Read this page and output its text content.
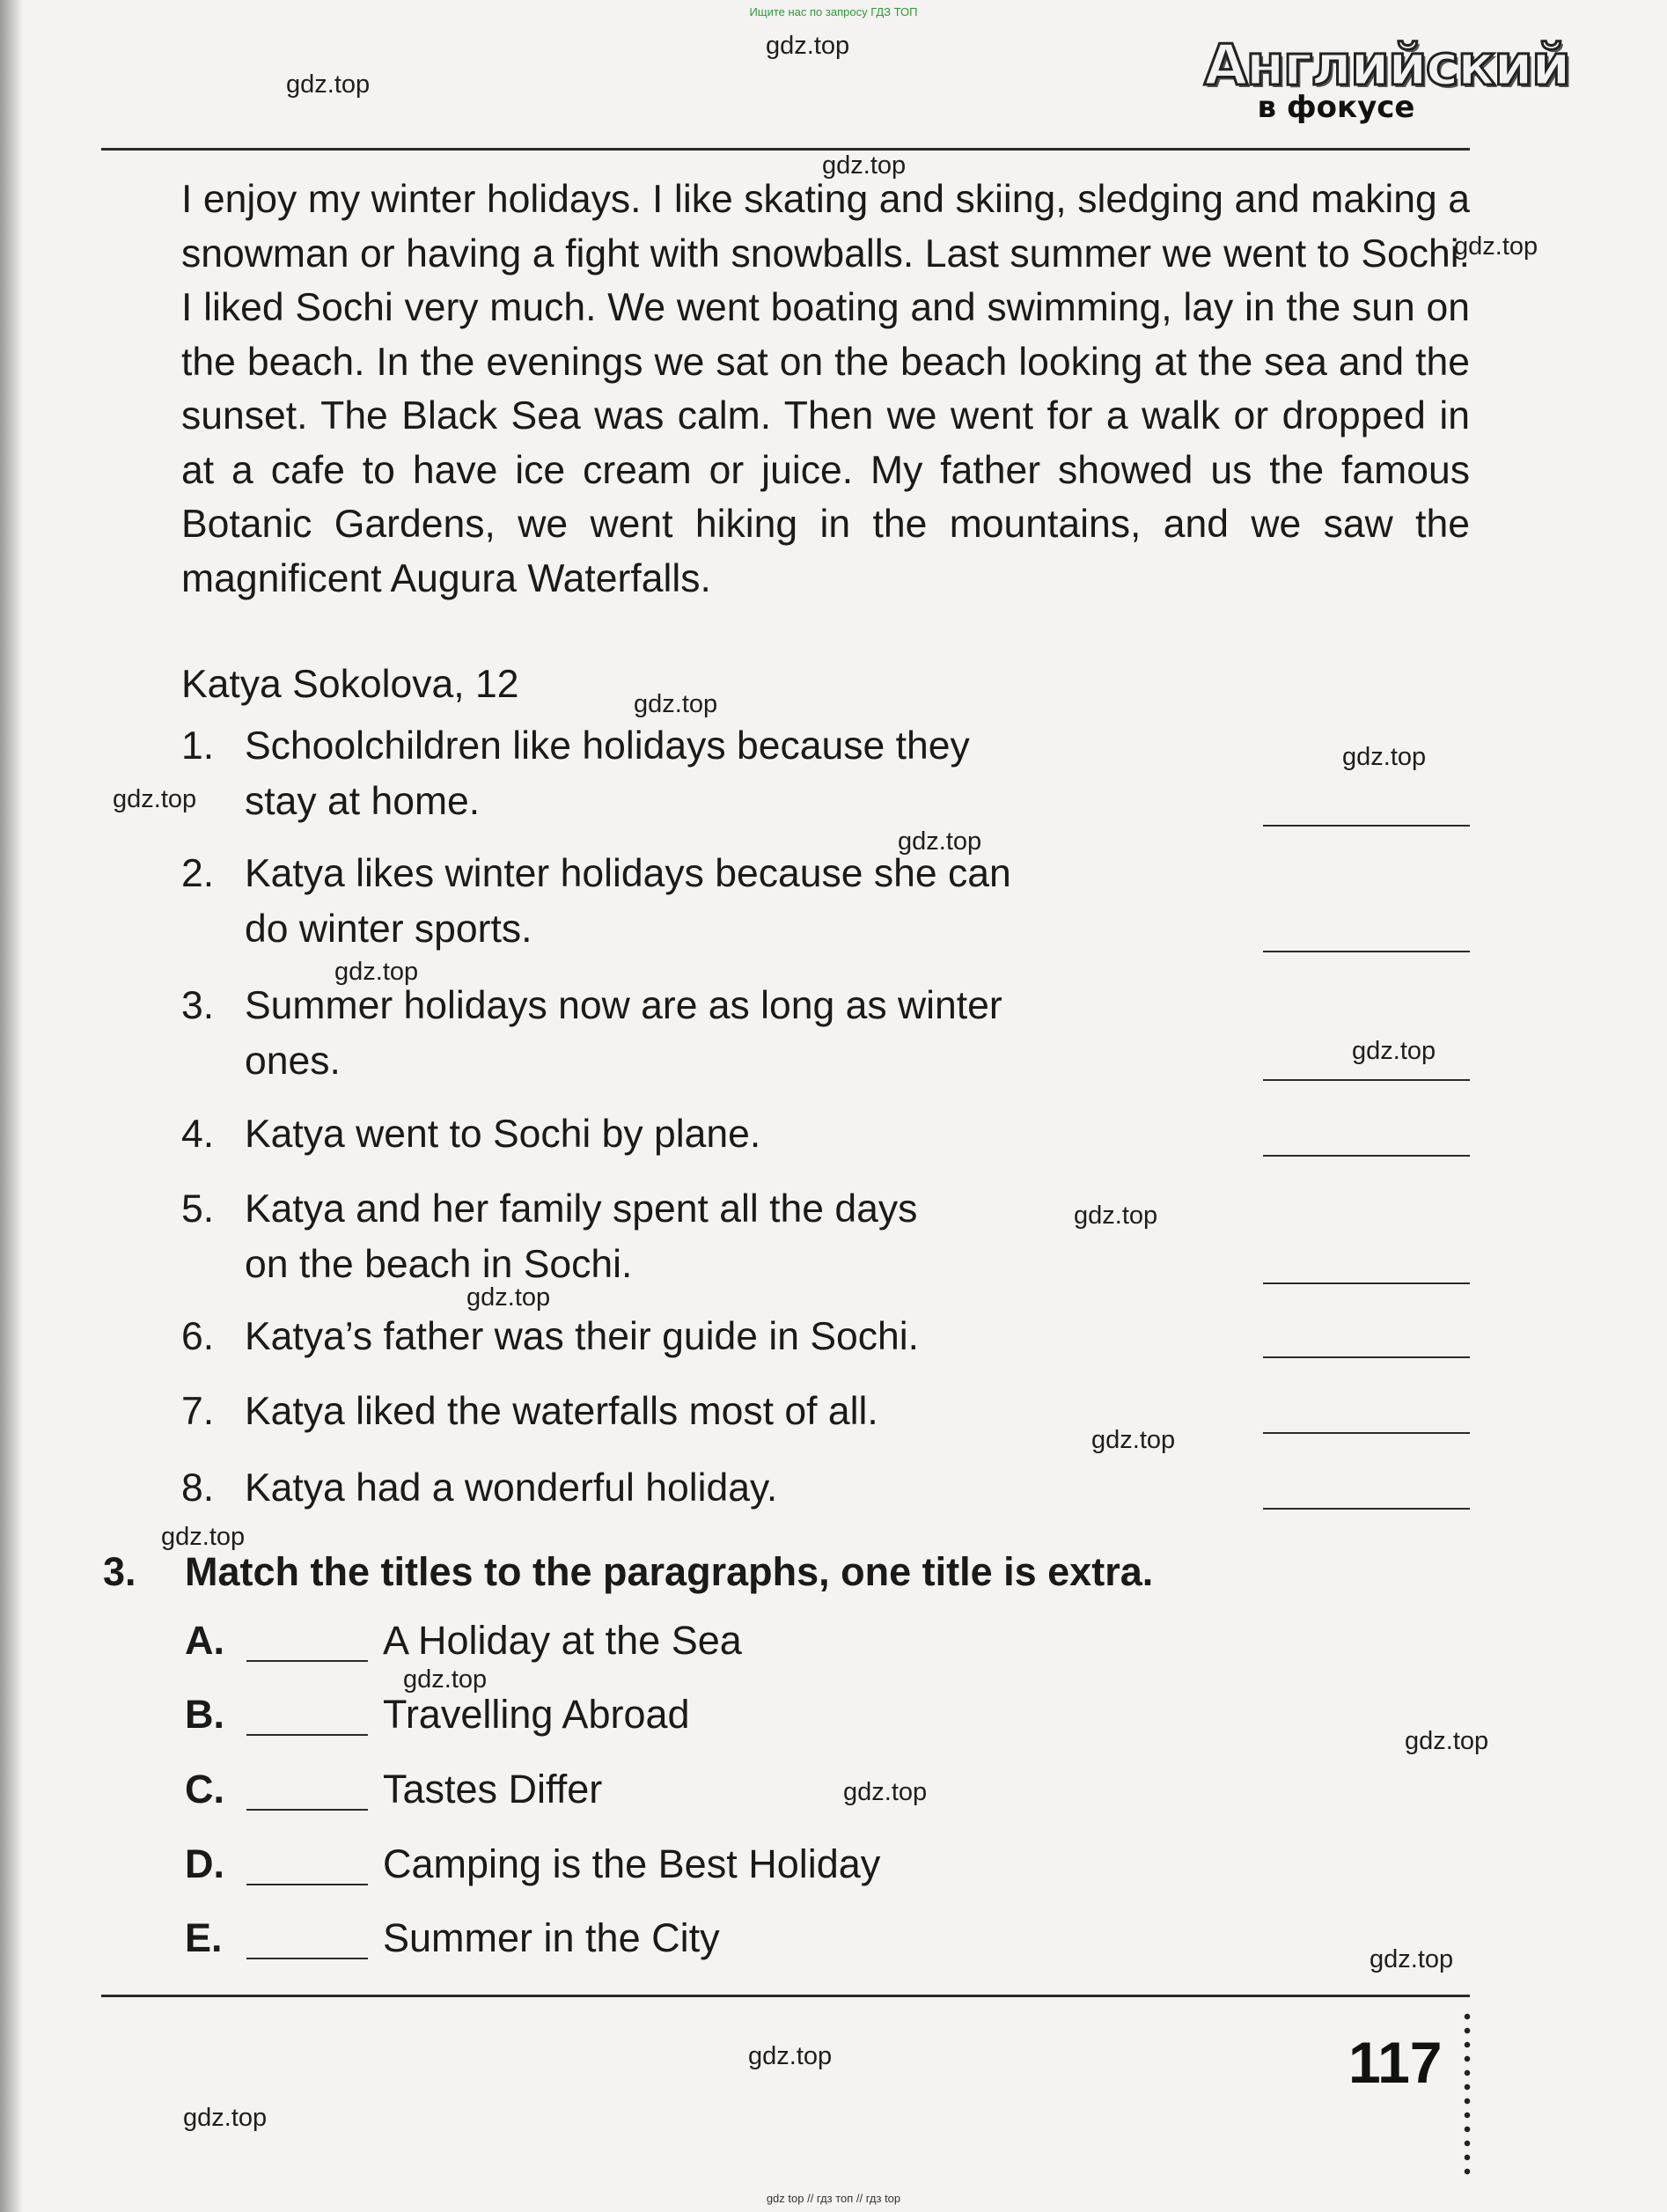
Ищите нас по запросу ГДЗ ТОП
Английский
в фокусе
gdz.top
gdz.top
gdz.top
gdz.top
gdz.top
gdz.top
gdz.top
gdz.top
gdz.top
gdz.top
gdz.top
gdz.top
gdz.top
gdz.top
gdz.top
gdz.top
gdz.top
gdz.top
gdz.top
gdz.top
I enjoy my winter holidays. I like skating and skiing, sledging and making a snowman or having a fight with snowballs. Last summer we went to Sochi. I liked Sochi very much. We went boating and swimming, lay in the sun on the beach. In the evenings we sat on the beach looking at the sea and the sunset. The Black Sea was calm. Then we went for a walk or dropped in at a cafe to have ice cream or juice. My father showed us the famous Botanic Gardens, we went hiking in the mountains, and we saw the magnificent Augura Waterfalls.
Katya Sokolova, 12
1. Schoolchildren like holidays because they
stay at home.
2. Katya likes winter holidays because she can
do winter sports.
3. Summer holidays now are as long as winter
ones.
4. Katya went to Sochi by plane.
5. Katya and her family spent all the days
on the beach in Sochi.
6. Katya’s father was their guide in Sochi.
7. Katya liked the waterfalls most of all.
8. Katya had a wonderful holiday.
3. Match the titles to the paragraphs, one title is extra.
A.	A Holiday at the Sea
B.	Travelling Abroad
C.	Tastes Differ
D.	Camping is the Best Holiday
E.	Summer in the City
117
gdz top // гдз топ // гдз top
